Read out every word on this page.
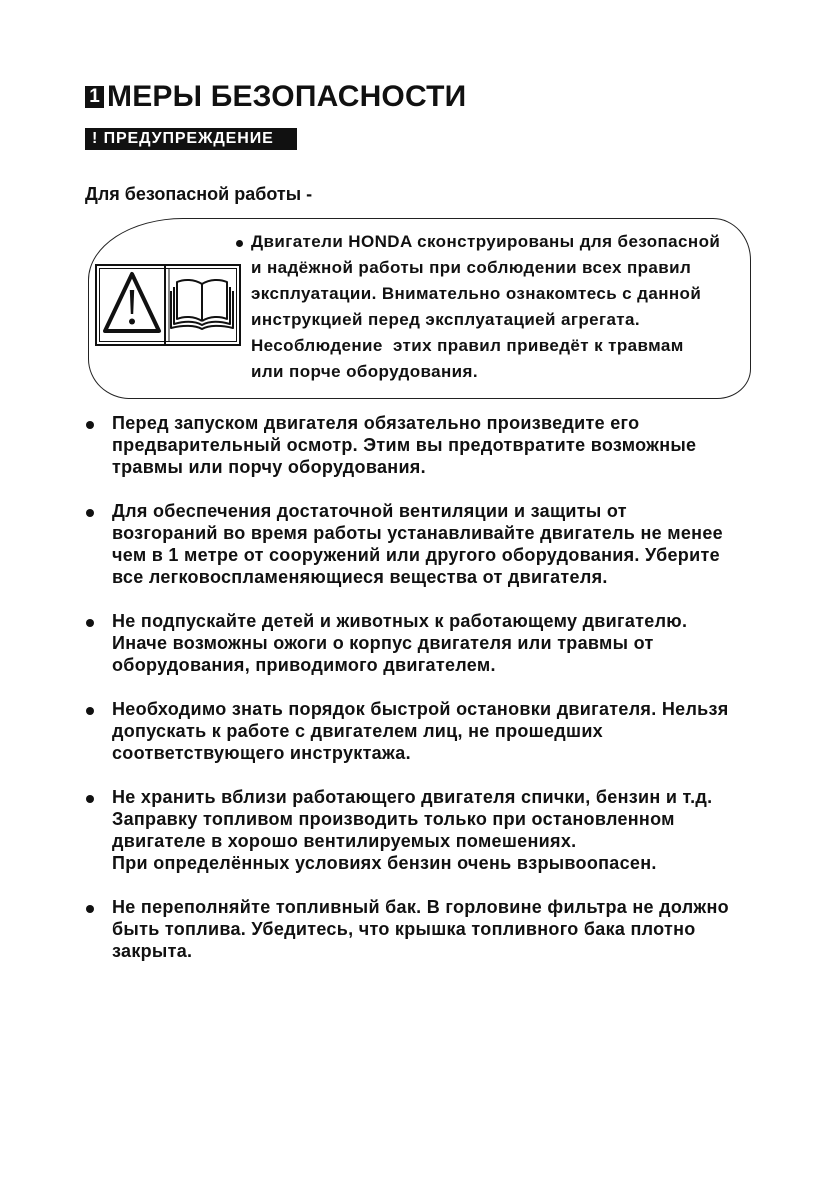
1 МЕРЫ БЕЗОПАСНОСТИ
! ПРЕДУПРЕЖДЕНИЕ
Для безопасной работы -
Двигатели HONDA сконструированы для безопасной
и надёжной работы при соблюдении всех правил
эксплуатации. Внимательно ознакомтесь с данной
инструкцией перед эксплуатацией агрегата.
Несоблюдение  этих правил приведёт к травмам
или порче оборудования.
Перед запуском двигателя обязательно произведите его
предварительный осмотр. Этим вы предотвратите возможные
травмы или порчу оборудования.
Для обеспечения достаточной вентиляции и защиты от
возгораний во время работы устанавливайте двигатель не менее
чем в 1 метре от сооружений или другого оборудования. Уберите
все легковоспламеняющиеся вещества от двигателя.
Не подпускайте детей и животных к работающему двигателю.
Иначе возможны ожоги о корпус двигателя или травмы от
оборудования, приводимого двигателем.
Необходимо знать порядок быстрой остановки двигателя. Нельзя
допускать к работе с двигателем лиц, не прошедших
соответствующего инструктажа.
Не хранить вблизи работающего двигателя спички, бензин и т.д.
Заправку топливом производить только при остановленном
двигателе в хорошо вентилируемых помешениях.
При определённых условиях бензин очень взрывоопасен.
Не переполняйте топливный бак. В горловине фильтра не должно
быть топлива. Убедитесь, что крышка топливного бака плотно
закрыта.
